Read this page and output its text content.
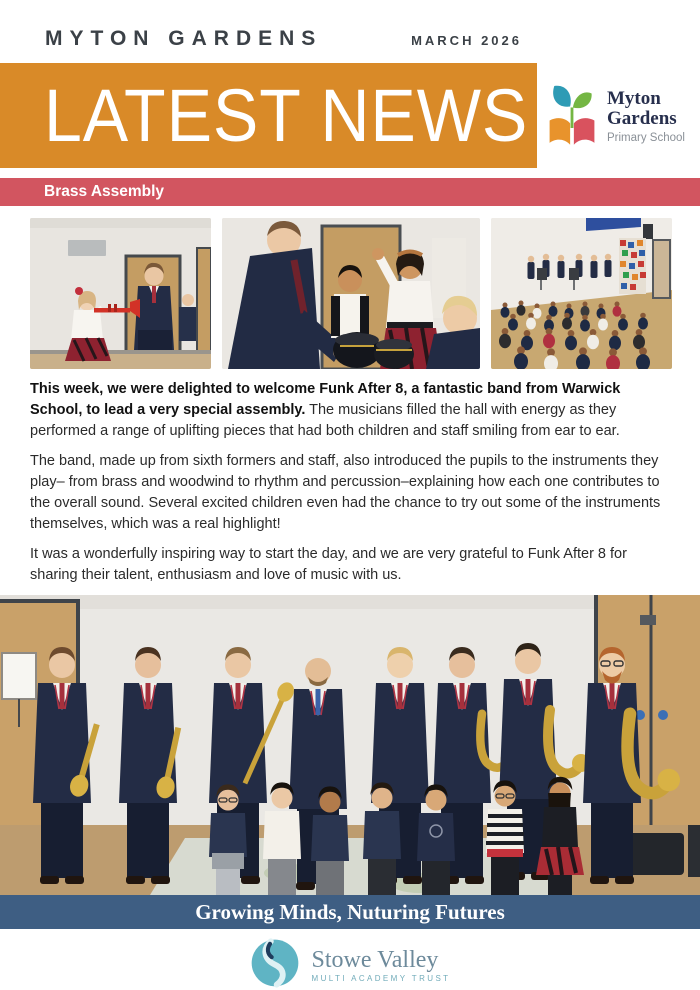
MYTON GARDENS	MARCH 2026
LATEST NEWS	Myton
Gardens
Primary School
Brass Assembly

This week, we were delighted to welcome Funk After 8, a fantastic band from Warwick School, to lead a very special assembly. The musicians filled the hall with energy as they performed a range of uplifting pieces that had both children and staff smiling from ear to ear.

The band, made up from sixth formers and staff, also introduced the pupils to the instruments they play– from brass and woodwind to rhythm and percussion–explaining how each one contributes to the overall sound. Several excited children even had the chance to try out some of the instruments themselves, which was a real highlight!

It was a wonderfully inspiring way to start the day, and we are very grateful to Funk After 8 for sharing their talent, enthusiasm and love of music with us.

Growing Minds, Nuturing Futures
Stowe Valley
MULTI ACADEMY TRUST
